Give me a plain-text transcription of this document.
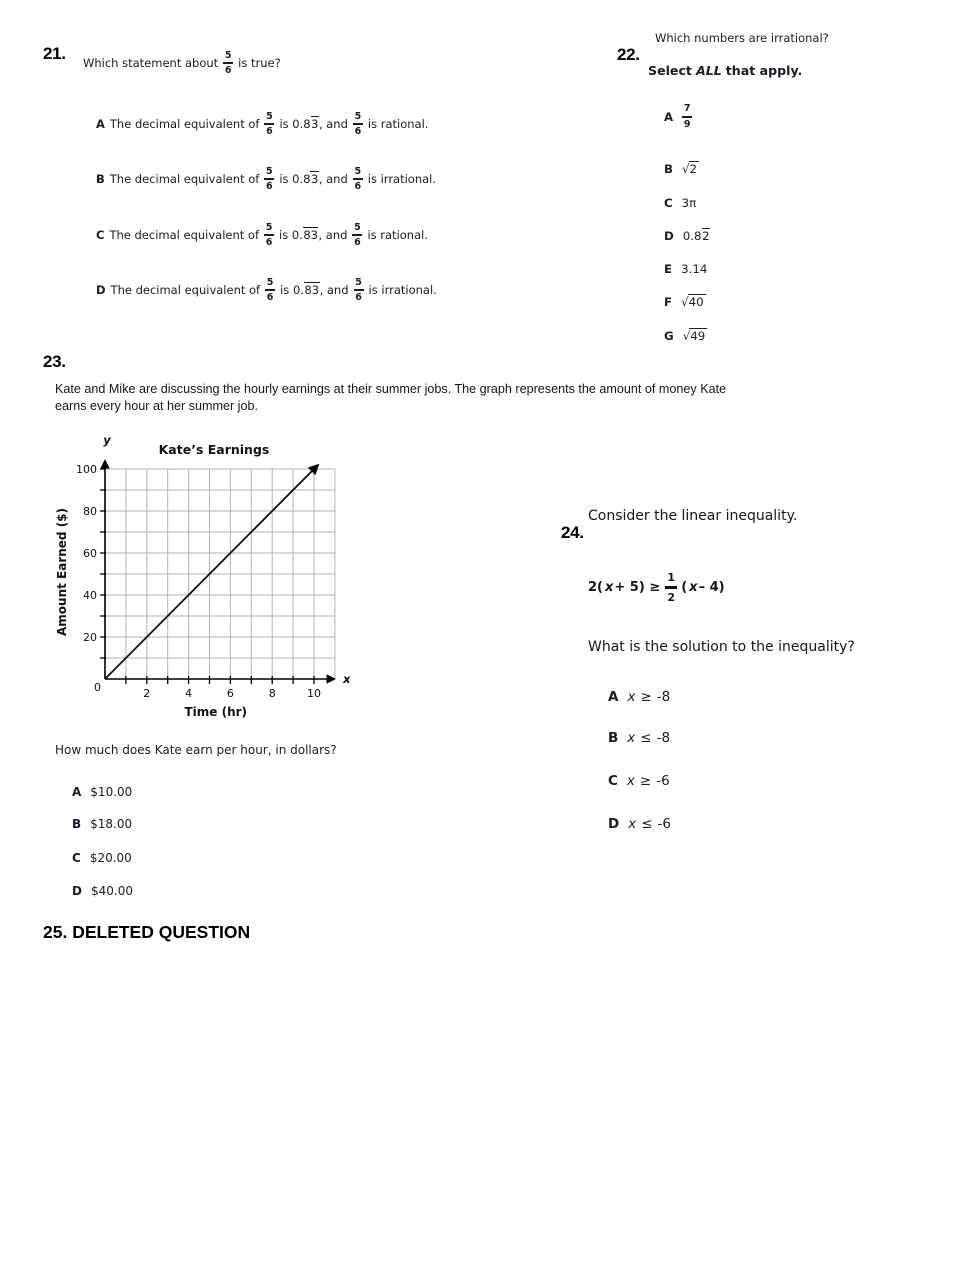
21. Which statement about $\frac{5}{6}$ is true?
A The decimal equivalent of $\frac{5}{6}$ is 0.83, and $\frac{5}{6}$ is rational.
B The decimal equivalent of $\frac{5}{6}$ is 0.83, and $\frac{5}{6}$ is irrational.
C The decimal equivalent of $\frac{5}{6}$ is 0.83, and $\frac{5}{6}$ is rational.
D The decimal equivalent of $\frac{5}{6}$ is 0.83, and $\frac{5}{6}$ is irrational.
Which numbers are irrational?
22.
Select ALL that apply.
A $\frac{7}{9}$
B √2
C 3π
D 0.82
E 3.14
F √40
G √49
23.
Kate and Mike are discussing the hourly earnings at their summer jobs. The graph represents the amount of money Kate earns every hour at her summer job.
20
40
60
80
100
2	4	6	8	10
0
Kate’s Earnings
y
x
Time (hr)
Amount Earned ($)
How much does Kate earn per hour, in dollars?
A $10.00
B $18.00
C $20.00
D $40.00
Consider the linear inequality.
24.
2( $x + 5) \ge \frac{1}{2}$ ( x – 4)
What is the solution to the inequality?
A x ≥ -8
B x ≤ -8
C x ≥ -6
D x ≤ -6
25. DELETED QUESTION
